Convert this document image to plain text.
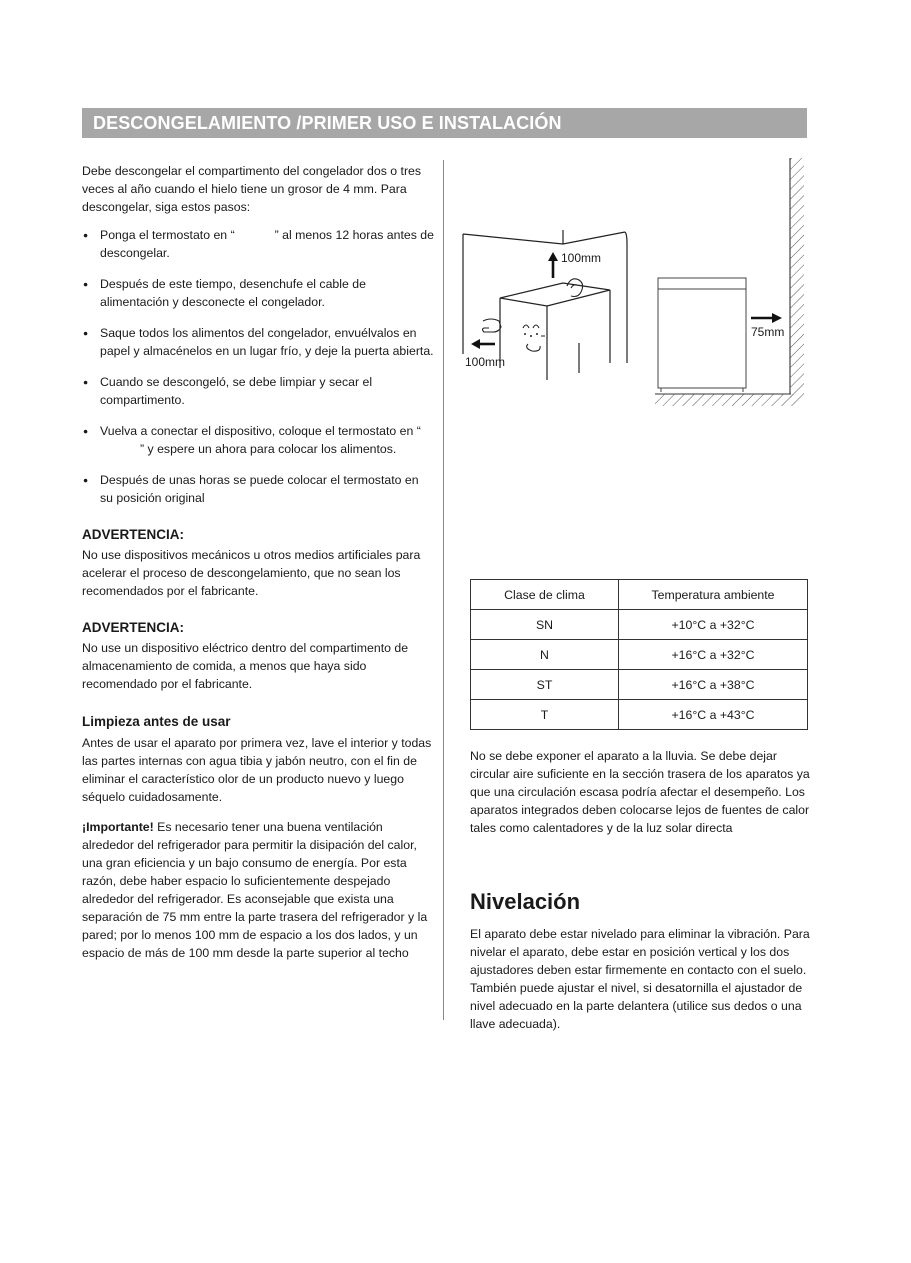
DESCONGELAMIENTO /PRIMER USO E INSTALACIÓN

Debe descongelar el compartimento del congelador dos o tres veces al año cuando el hielo tiene un grosor de 4 mm. Para descongelar, siga estos pasos:

● Ponga el termostato en “	” al menos 12 horas antes de descongelar.
● Después de este tiempo, desenchufe el cable de alimentación y desconecte el congelador.
● Saque todos los alimentos del congelador, envuélvalos en papel y almacénelos en un lugar frío, y deje la puerta abierta.
● Cuando se descongeló, se debe limpiar y secar el compartimento.
● Vuelva a conectar el dispositivo, coloque el termostato en “” y espere un ahora para colocar los alimentos.
● Después de unas horas se puede colocar el termostato en su posición original
ADVERTENCIA:

No use dispositivos mecánicos u otros medios artificiales para acelerar el proceso de descongelamiento, que no sean los recomendados por el fabricante.

ADVERTENCIA:

No use un dispositivo eléctrico dentro del compartimento de almacenamiento de comida, a menos que haya sido recomendado por el fabricante.

Limpieza antes de usar

Antes de usar el aparato por primera vez, lave el interior y todas las partes internas con agua tibia y jabón neutro, con el fin de eliminar el característico olor de un producto nuevo y luego séquelo cuidadosamente.

¡Importante! Es necesario tener una buena ventilación alrededor del refrigerador para permitir la disipación del calor, una gran eficiencia y un bajo consumo de energía. Por esta razón, debe haber espacio lo suficientemente despejado alrededor del refrigerador. Es aconsejable que exista una separación de 75 mm entre la parte trasera del refrigerador y la pared; por lo menos 100 mm de espacio a los dos lados, y un espacio de más de 100 mm desde la parte superior al techo

100mm
100mm
75mm
Clase de clima	Temperatura ambiente
SN	+10°C a +32°C
N	+16°C a +32°C
ST	+16°C a +38°C
T	+16°C a +43°C

No se debe exponer el aparato a la lluvia. Se debe dejar circular aire suficiente en la sección trasera de los aparatos ya que una circulación escasa podría afectar el desempeño. Los aparatos integrados deben colocarse lejos de fuentes de calor tales como calentadores y de la luz solar directa

Nivelación

El aparato debe estar nivelado para eliminar la vibración. Para nivelar el aparato, debe estar en posición vertical y los dos ajustadores deben estar firmemente en contacto con el suelo. También puede ajustar el nivel, si desatornilla el ajustador de nivel adecuado en la parte delantera (utilice sus dedos o una llave adecuada).
